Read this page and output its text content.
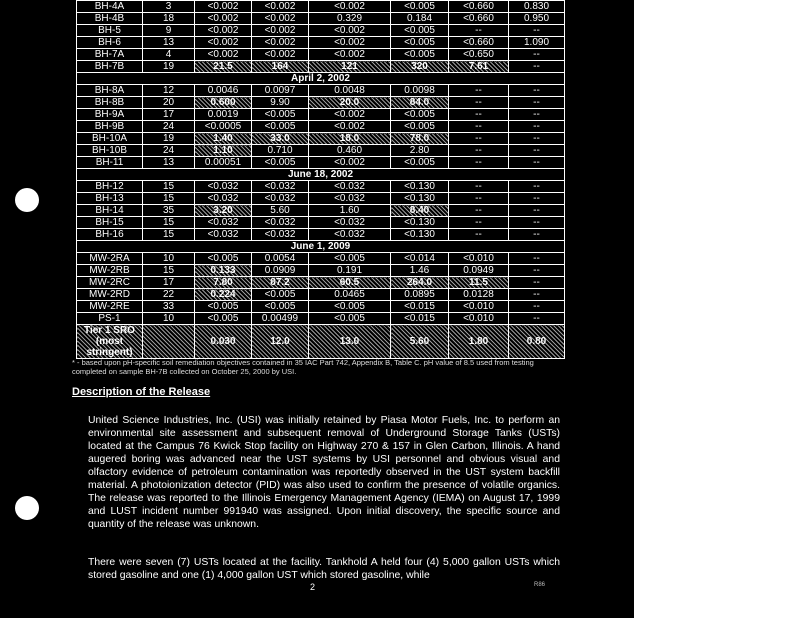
BH-4A	3	<0.002	<0.002	<0.002	<0.005	<0.660	0.830
BH-4B	18	<0.002	<0.002	0.329	0.184	<0.660	0.950
BH-5	9	<0.002	<0.002	<0.002	<0.005	--	--
BH-6	13	<0.002	<0.002	<0.002	<0.005	<0.660	1.090
BH-7A	4	<0.002	<0.002	<0.002	<0.005	<0.650	--
BH-7B	19	21.5	164	121	320	7.61	--
April 2, 2002							
BH-8A	12	0.0046	0.0097	0.0048	0.0098	--	--
BH-8B	20	0.600	9.90	20.0	84.0	--	--
BH-9A	17	0.0019	<0.005	<0.002	<0.005	--	--
BH-9B	24	<0.0005	<0.005	<0.002	<0.005	--	--
BH-10A	19	1.40	33.0	18.0	78.0	--	--
BH-10B	24	1.10	0.710	0.460	2.80	--	--
BH-11	13	0.00051	<0.005	<0.002	<0.005	--	--
June 18, 2002							
BH-12	15	<0.032	<0.032	<0.032	<0.130	--	--
BH-13	15	<0.032	<0.032	<0.032	<0.130	--	--
BH-14	35	3.20	5.60	1.60	8.40	--	--
BH-15	15	<0.032	<0.032	<0.032	<0.130	--	--
BH-16	15	<0.032	<0.032	<0.032	<0.130	--	--
June 1, 2009							
MW-2RA	10	<0.005	0.0054	<0.005	<0.014	<0.010	--
MW-2RB	15	0.133	0.0909	0.191	1.46	0.0949	--
MW-2RC	17	7.80	87.2	60.5	264.0	11.5	--
MW-2RD	22	0.224	<0.005	0.0465	0.0895	0.0128	--
MW-2RE	33	<0.005	<0.005	<0.005	<0.015	<0.010	--
PS-1	10	<0.005	0.00499	<0.005	<0.015	<0.010	--
Tier 1 SRO (most stringent)		0.030	12.0	13.0	5.60	1.80	0.80
* - based upon pH-specific soil remediation objectives contained in 35 IAC Part 742, Appendix B, Table C. pH value of 8.5 used from testing completed on sample BH-7B collected on October 25, 2000 by USI.
Description of the Release

United Science Industries, Inc. (USI) was initially retained by Piasa Motor Fuels, Inc. to perform an environmental site assessment and subsequent removal of Underground Storage Tanks (USTs) located at the Campus 76 Kwick Stop facility on Highway 270 & 157 in Glen Carbon, Illinois. A hand augered boring was advanced near the UST systems by USI personnel and obvious visual and olfactory evidence of petroleum contamination was reportedly observed in the UST system backfill material. A photoionization detector (PID) was also used to confirm the presence of volatile organics. The release was reported to the Illinois Emergency Management Agency (IEMA) on August 17, 1999 and LUST incident number 991940 was assigned. Upon initial discovery, the specific source and quantity of the release was unknown.

There were seven (7) USTs located at the facility. Tankhold A held four (4) 5,000 gallon USTs which stored gasoline and one (1) 4,000 gallon UST which stored gasoline, while

2	R86
